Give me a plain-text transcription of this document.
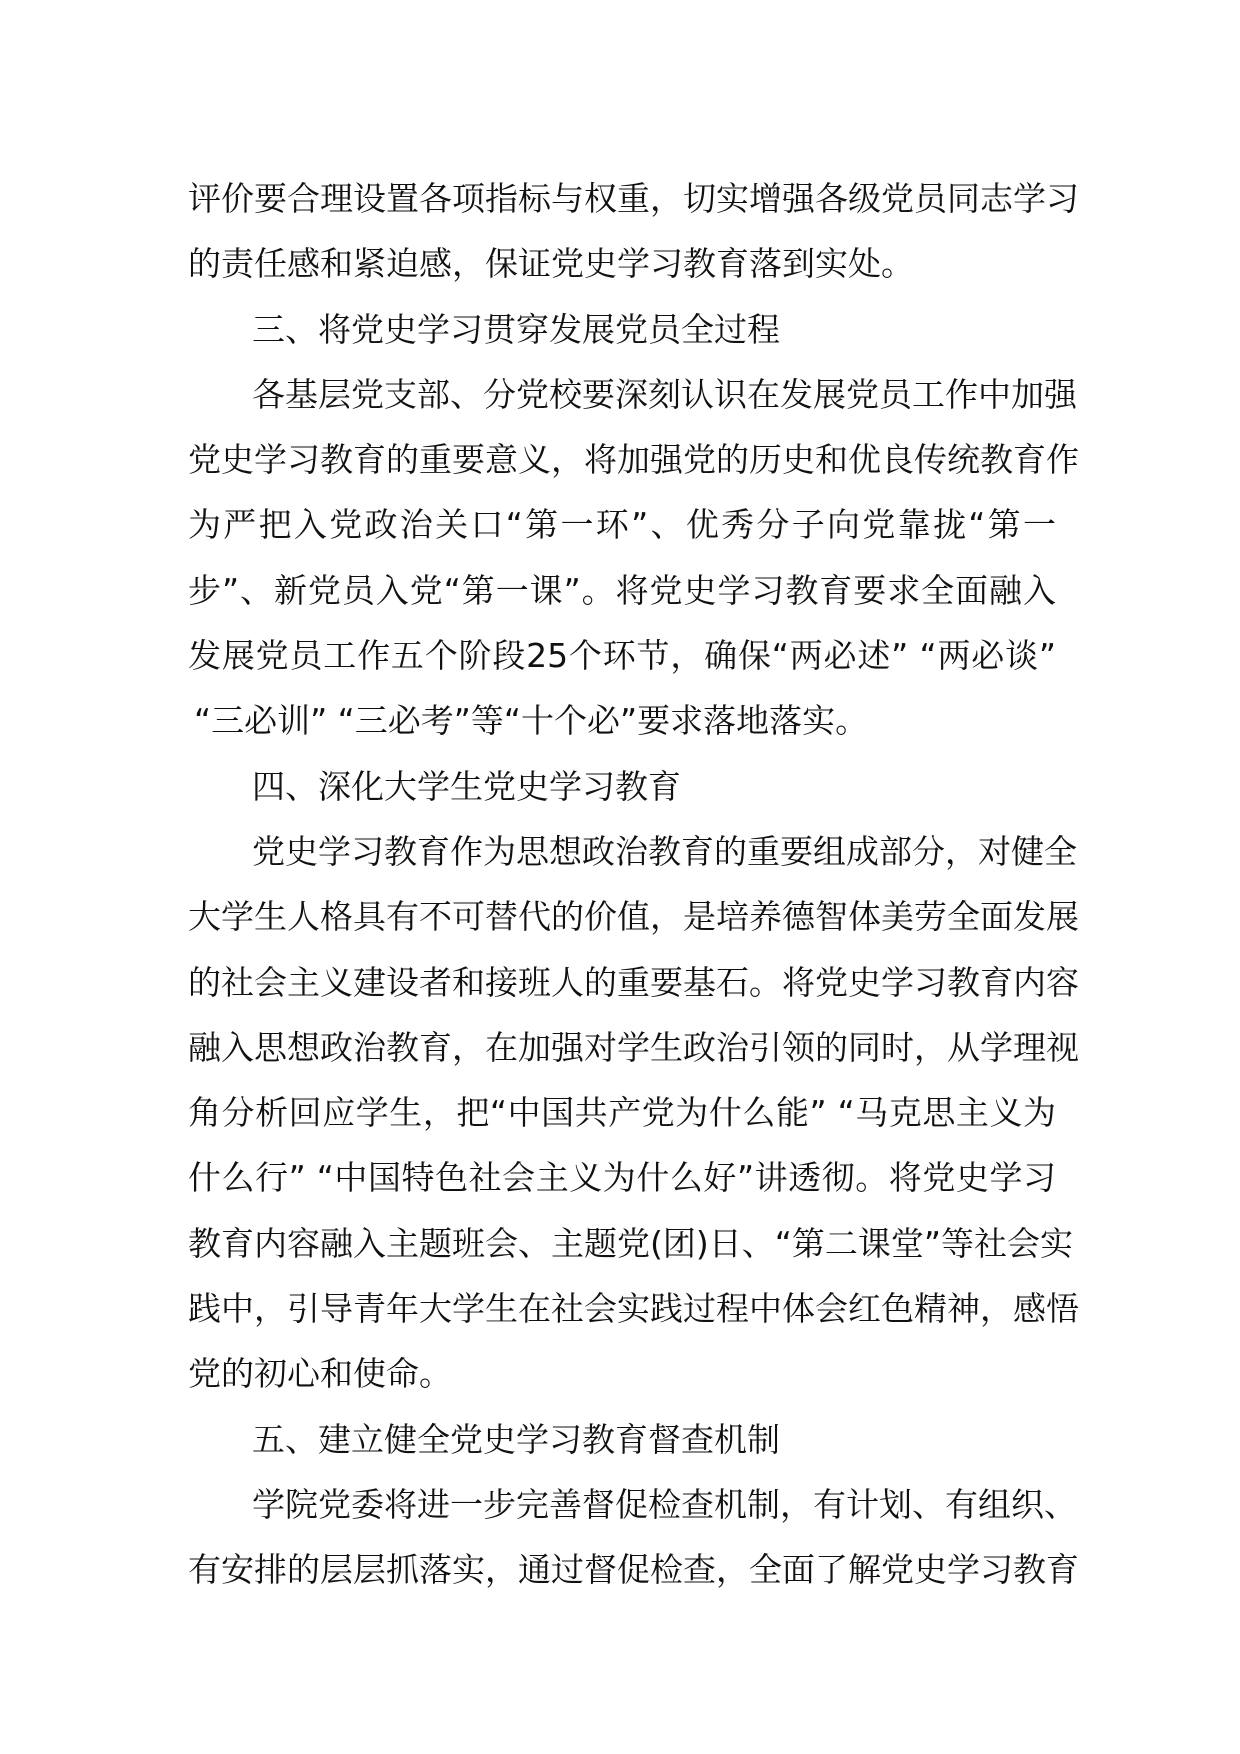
评价要合理设置各项指标与权重，切实增强各级党员同志学习
的责任感和紧迫感，保证党史学习教育落到实处。
三、将党史学习贯穿发展党员全过程
各基层党支部、分党校要深刻认识在发展党员工作中加强
党史学习教育的重要意义，将加强党的历史和优良传统教育作
为严把入党政治关口“第一环”、优秀分子向党靠拢“第一
步”、新党员入党“第一课”。将党史学习教育要求全面融入
发展党员工作五个阶段25个环节，确保“两必述” “两必谈”
“三必训” “三必考”等“十个必”要求落地落实。
四、深化大学生党史学习教育
党史学习教育作为思想政治教育的重要组成部分，对健全
大学生人格具有不可替代的价值，是培养德智体美劳全面发展
的社会主义建设者和接班人的重要基石。将党史学习教育内容
融入思想政治教育，在加强对学生政治引领的同时，从学理视
角分析回应学生，把“中国共产党为什么能” “马克思主义为
什么行” “中国特色社会主义为什么好”讲透彻。将党史学习
教育内容融入主题班会、主题党(团)日、“第二课堂”等社会实
践中，引导青年大学生在社会实践过程中体会红色精神，感悟
党的初心和使命。
五、建立健全党史学习教育督查机制
学院党委将进一步完善督促检查机制，有计划、有组织、
有安排的层层抓落实，通过督促检查，全面了解党史学习教育
